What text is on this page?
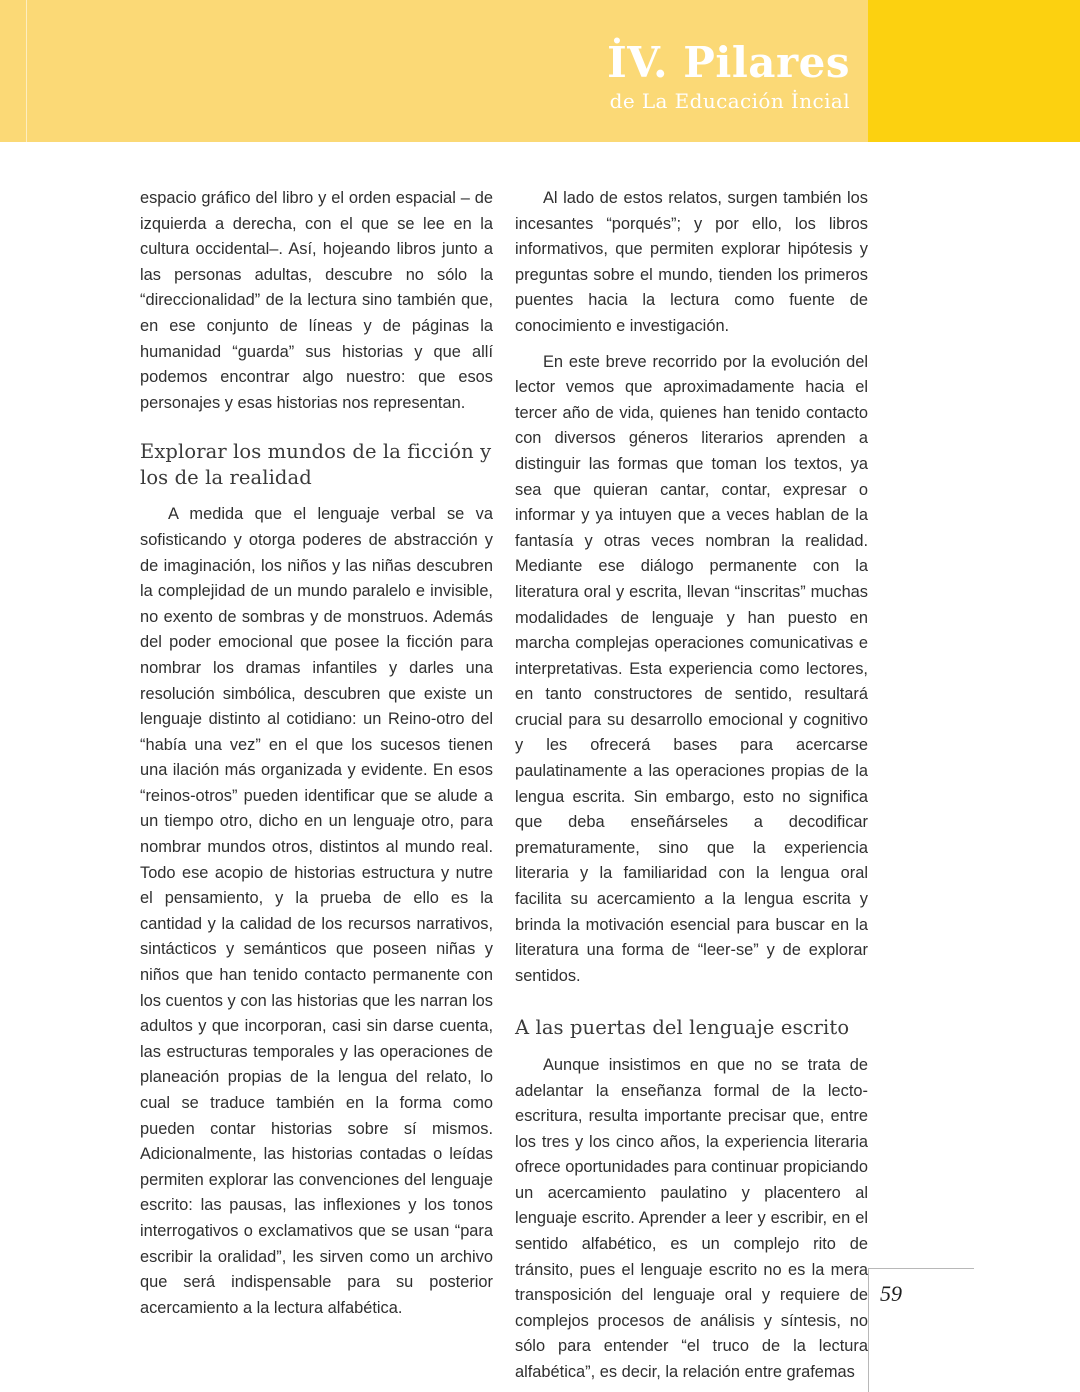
İV. Pilares
de La Educación İncial

espacio gráfico del libro y el orden espacial – de izquierda a derecha, con el que se lee en la cultura occidental–. Así, hojeando libros junto a las personas adultas, descubre no sólo la “direccionalidad” de la lectura sino también que, en ese conjunto de líneas y de páginas la humanidad “guarda” sus historias y que allí podemos encontrar algo nuestro: que esos personajes y esas historias nos representan.

Explorar los mundos de la ficción y los de la realidad

A medida que el lenguaje verbal se va sofisticando y otorga poderes de abstracción y de imaginación, los niños y las niñas descubren la complejidad de un mundo paralelo e invisible, no exento de sombras y de monstruos. Además del poder emocional que posee la ficción para nombrar los dramas infantiles y darles una resolución simbólica, descubren que existe un lenguaje distinto al cotidiano: un Reino-otro del “había una vez” en el que los sucesos tienen una ilación más organizada y evidente. En esos “reinos-otros” pueden identificar que se alude a un tiempo otro, dicho en un lenguaje otro, para nombrar mundos otros, distintos al mundo real. Todo ese acopio de historias estructura y nutre el pensamiento, y la prueba de ello es la cantidad y la calidad de los recursos narrativos, sintácticos y semánticos que poseen niñas y niños que han tenido contacto permanente con los cuentos y con las historias que les narran los adultos y que incorporan, casi sin darse cuenta, las estructuras temporales y las operaciones de planeación propias de la lengua del relato, lo cual se traduce también en la forma como pueden contar historias sobre sí mismos. Adicionalmente, las historias contadas o leídas permiten explorar las convenciones del lenguaje escrito: las pausas, las inflexiones y los tonos interrogativos o exclamativos que se usan “para escribir la oralidad”, les sirven como un archivo que será indispensable para su posterior acercamiento a la lectura alfabética.

Al lado de estos relatos, surgen también los incesantes “porqués”; y por ello, los libros informativos, que permiten explorar hipótesis y preguntas sobre el mundo, tienden los primeros puentes hacia la lectura como fuente de conocimiento e investigación.

En este breve recorrido por la evolución del lector vemos que aproximadamente hacia el tercer año de vida, quienes han tenido contacto con diversos géneros literarios aprenden a distinguir las formas que toman los textos, ya sea que quieran cantar, contar, expresar o informar y ya intuyen que a veces hablan de la fantasía y otras veces nombran la realidad. Mediante ese diálogo permanente con la literatura oral y escrita, llevan “inscritas” muchas modalidades de lenguaje y han puesto en marcha complejas operaciones comunicativas e interpretativas. Esta experiencia como lectores, en tanto constructores de sentido, resultará crucial para su desarrollo emocional y cognitivo y les ofrecerá bases para acercarse paulatinamente a las operaciones propias de la lengua escrita. Sin embargo, esto no significa que deba enseñárseles a decodificar prematuramente, sino que la experiencia literaria y la familiaridad con la lengua oral facilita su acercamiento a la lengua escrita y brinda la motivación esencial para buscar en la literatura una forma de “leer-se” y de explorar sentidos.

A las puertas del lenguaje escrito

Aunque insistimos en que no se trata de adelantar la enseñanza formal de la lecto-escritura, resulta importante precisar que, entre los tres y los cinco años, la experiencia literaria ofrece oportunidades para continuar propiciando un acercamiento paulatino y placentero al lenguaje escrito. Aprender a leer y escribir, en el sentido alfabético, es un complejo rito de tránsito, pues el lenguaje escrito no es la mera transposición del lenguaje oral y requiere de complejos procesos de análisis y síntesis, no sólo para entender “el truco de la lectura alfabética”, es decir, la relación entre grafemas

59
